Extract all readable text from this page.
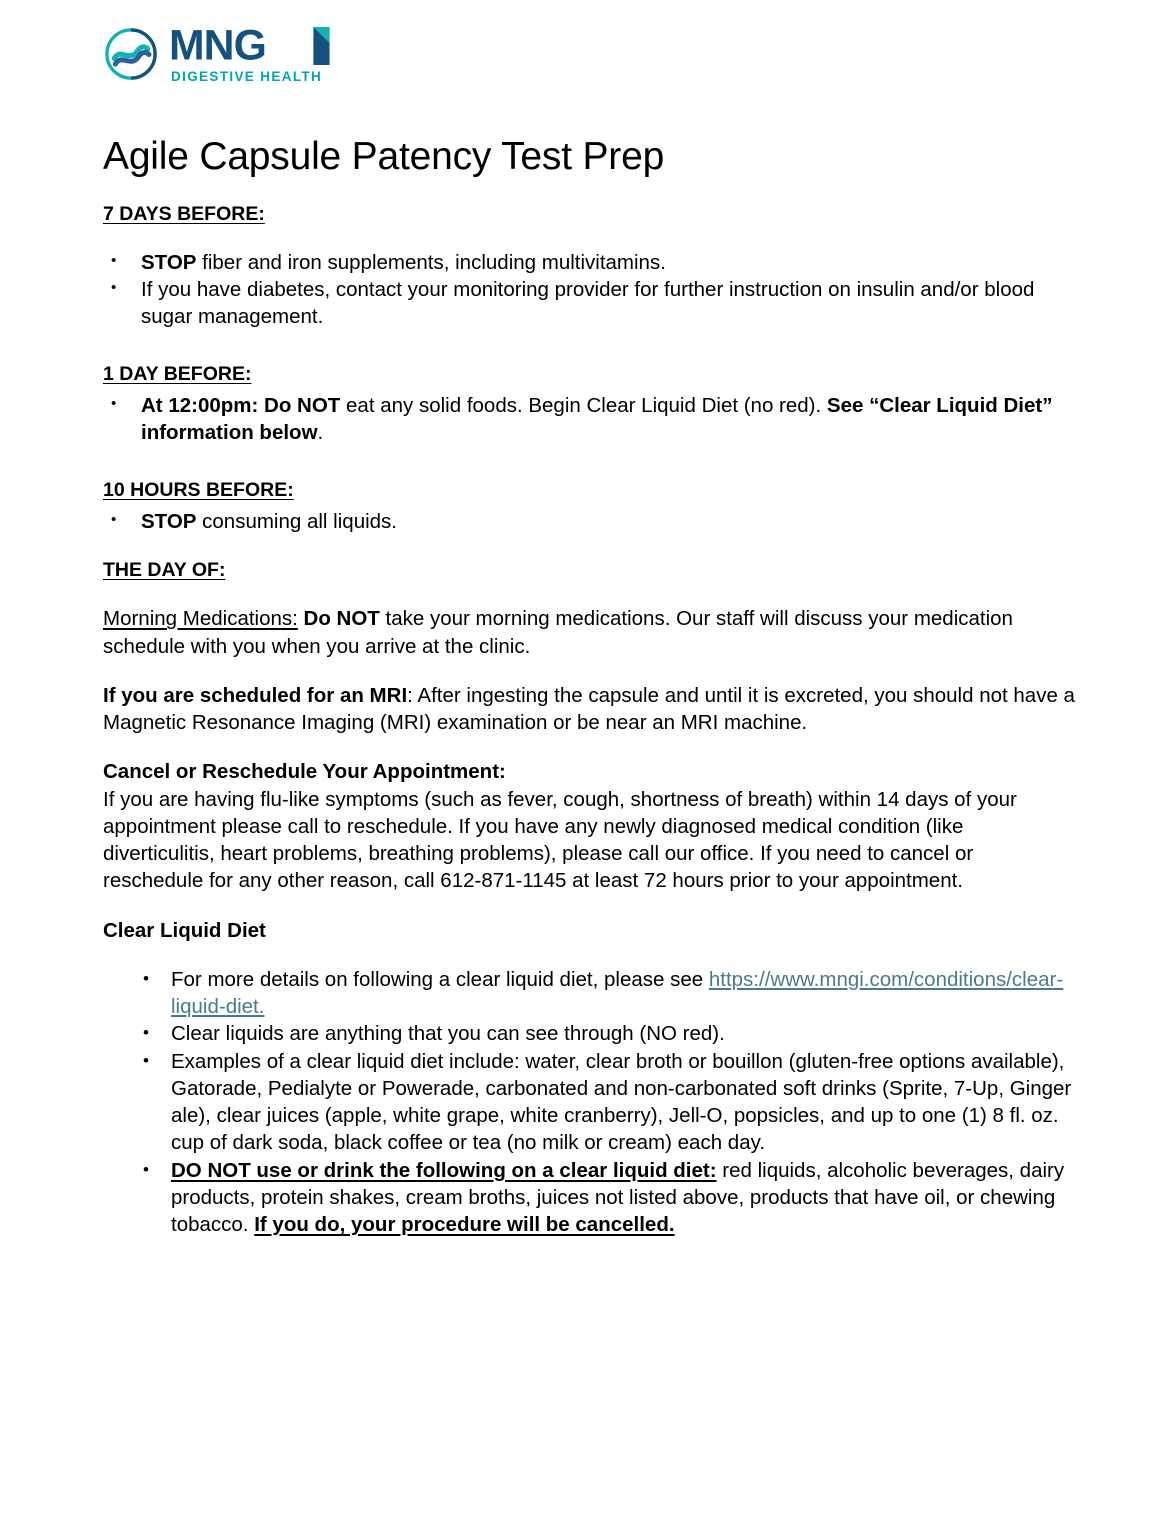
MNG
DIGESTIVE HEALTH
Agile Capsule Patency Test Prep

7 DAYS BEFORE:

• STOP fiber and iron supplements, including multivitamins.
• If you have diabetes, contact your monitoring provider for further instruction on insulin and/or blood sugar management.

1 DAY BEFORE:

• At 12:00pm: Do NOT eat any solid foods. Begin Clear Liquid Diet (no red). See “Clear Liquid Diet” information below.

10 HOURS BEFORE:

• STOP consuming all liquids.

THE DAY OF:

Morning Medications: Do NOT take your morning medications. Our staff will discuss your medication schedule with you when you arrive at the clinic.

If you are scheduled for an MRI: After ingesting the capsule and until it is excreted, you should not have a Magnetic Resonance Imaging (MRI) examination or be near an MRI machine.

Cancel or Reschedule Your Appointment:

If you are having flu-like symptoms (such as fever, cough, shortness of breath) within 14 days of your appointment please call to reschedule. If you have any newly diagnosed medical condition (like diverticulitis, heart problems, breathing problems), please call our office. If you need to cancel or reschedule for any other reason, call 612-871-1145 at least 72 hours prior to your appointment.

Clear Liquid Diet

• For more details on following a clear liquid diet, please see https://www.mngi.com/conditions/clear-liquid-diet.
• Clear liquids are anything that you can see through (NO red).
• Examples of a clear liquid diet include: water, clear broth or bouillon (gluten-free options available), Gatorade, Pedialyte or Powerade, carbonated and non-carbonated soft drinks (Sprite, 7-Up, Ginger ale), clear juices (apple, white grape, white cranberry), Jell-O, popsicles, and up to one (1) 8 fl. oz. cup of dark soda, black coffee or tea (no milk or cream) each day.
• DO NOT use or drink the following on a clear liquid diet: red liquids, alcoholic beverages, dairy products, protein shakes, cream broths, juices not listed above, products that have oil, or chewing tobacco. If you do, your procedure will be cancelled.
